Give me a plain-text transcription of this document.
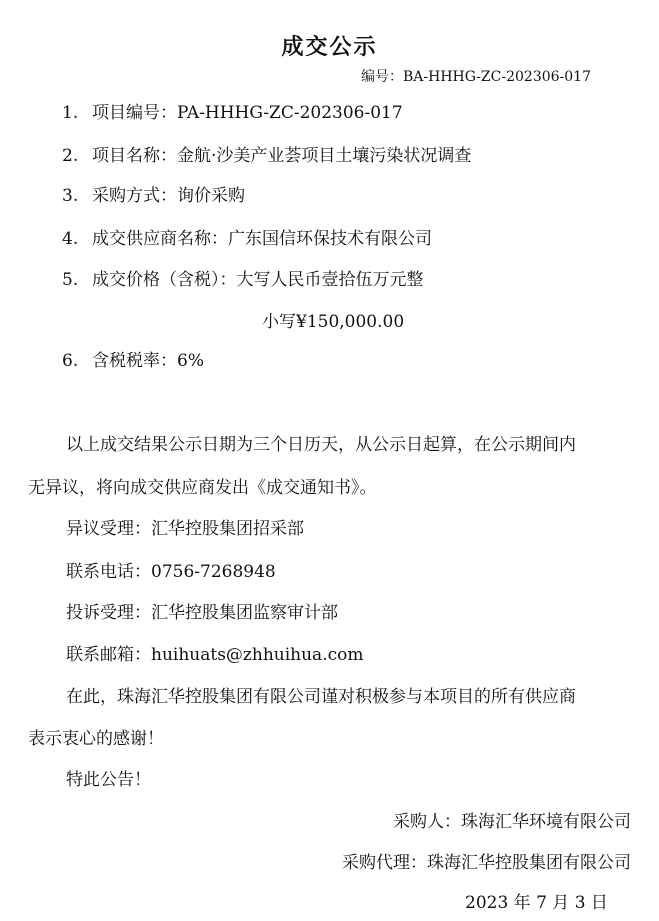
成交公示
编号：BA-HHHG-ZC-202306-017
1. 项目编号：PA-HHHG-ZC-202306-017
2. 项目名称：金航·沙美产业荟项目土壤污染状况调查
3. 采购方式：询价采购
4. 成交供应商名称：广东国信环保技术有限公司
5. 成交价格（含税）：大写人民币壹拾伍万元整
小写¥150,000.00
6. 含税税率：6%
以上成交结果公示日期为三个日历天，从公示日起算，在公示期间内
无异议，将向成交供应商发出《成交通知书》。
异议受理：汇华控股集团招采部
联系电话：0756-7268948
投诉受理：汇华控股集团监察审计部
联系邮箱：huihuats@zhhuihua.com
在此，珠海汇华控股集团有限公司谨对积极参与本项目的所有供应商
表示衷心的感谢！
特此公告！
采购人：珠海汇华环境有限公司
采购代理：珠海汇华控股集团有限公司
2023 年 7 月 3 日
